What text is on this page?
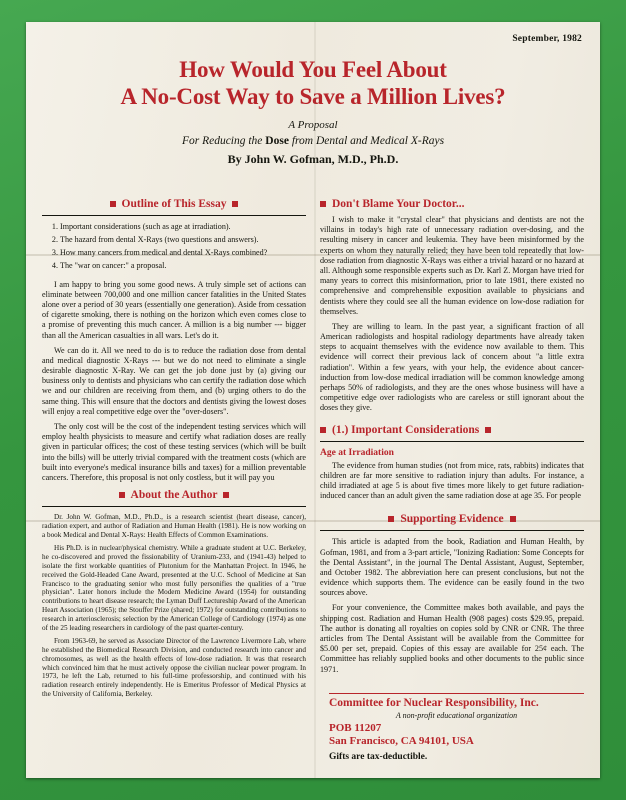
September, 1982
How Would You Feel About
A No-Cost Way to Save a Million Lives?
A Proposal
For Reducing the Dose from Dental and Medical X-Rays
By John W. Gofman, M.D., Ph.D.
Outline of This Essay
1. Important considerations (such as age at irradiation).
2. The hazard from dental X-Rays (two questions and answers).
3. How many cancers from medical and dental X-Rays combined?
4. The "war on cancer:" a proposal.

I am happy to bring you some good news. A truly simple set of actions can eliminate between 700,000 and one million cancer fatalities in the United States alone over a period of 30 years (essentially one generation). Aside from cessation of cigarette smoking, there is nothing on the horizon which even comes close to a promise of preventing this much cancer. A million is a big number --- bigger than all the American casualties in all wars. Let's do it.

We can do it. All we need to do is to reduce the radiation dose from dental and medical diagnostic X-Rays --- but we do not need to eliminate a single desirable diagnostic X-Ray. We can get the job done just by (a) giving our business only to dentists and physicians who can certify the radiation dose which we and our children are receiving from them, and (b) urging others to do the same thing. This will ensure that the doctors and dentists giving the lowest doses will enjoy a real competitive edge over the "over-dosers".

The only cost will be the cost of the independent testing services which will employ health physicists to measure and certify what radiation doses are really given in particular offices; the cost of these testing services (which will be built into the bills) will be utterly trivial compared with the treatment costs (which are built into everyone's medical insurance bills and taxes) for a million preventable cancers. Therefore, this proposal is not only costless, but it will pay you

About the Author

Dr. John W. Gofman, M.D., Ph.D., is a research scientist (heart disease, cancer), radiation expert, and author of Radiation and Human Health (1981). He is now working on a book Medical and Dental X-Rays: Health Effects of Common Examinations.

His Ph.D. is in nuclear/physical chemistry. While a graduate student at U.C. Berkeley, he co-discovered and proved the fissionability of Uranium-233, and (1941-43) helped to isolate the first workable quantities of Plutonium for the Manhattan Project. In 1946, he received the Gold-Headed Cane Award, presented at the U.C. School of Medicine at San Francisco to the graduating senior who most fully personifies the qualities of a "true physician". Later honors include the Modern Medicine Award (1954) for outstanding contributions to heart disease research; the Lyman Duff Lectureship Award of the American Heart Association (1965); the Stouffer Prize (shared; 1972) for outstanding contributions to research in arteriosclerosis; selection by the American College of Cardiology (1974) as one of the 25 leading researchers in cardiology of the past quarter-century.

From 1963-69, he served as Associate Director of the Lawrence Livermore Lab, where he established the Biomedical Research Division, and conducted research into cancer and chromosomes, as well as the health effects of low-dose radiation. It was that research which convinced him that he must actively oppose the civilian nuclear power program. In 1973, he left the Lab, returned to his full-time professorship, and continued with his radiation research entirely independently. He is Emeritus Professor of Medical Physics at the University of California, Berkeley.

Don't Blame Your Doctor...

I wish to make it "crystal clear" that physicians and dentists are not the villains in today's high rate of unnecessary radiation over-dosing, and the resulting misery in cancer and leukemia. They have been misinformed by the experts on whom they naturally relied; they have been told repeatedly that low-dose radiation from diagnostic X-Rays was either a trivial hazard or no hazard at all. Although some responsible experts such as Dr. Karl Z. Morgan have tried for many years to correct this misinformation, prior to late 1981, there existed no comprehensive and comprehensible exposition available to physicians and dentists where they could see all the human evidence on low-dose radiation for themselves.

They are willing to learn. In the past year, a significant fraction of all American radiologists and hospital radiology departments have already taken steps to acquaint themselves with the evidence now available to them. This evidence will correct their previous lack of concern about "a little extra radiation". Within a few years, with your help, the evidence about cancer-induction from low-dose medical irradiation will be common knowledge among perhaps 50% of radiologists, and they are the ones whose business will have a competitive edge over radiologists who are careless or still ignorant about the doses they give.

(1.) Important Considerations
Age at Irradiation

The evidence from human studies (not from mice, rats, rabbits) indicates that children are far more sensitive to radiation injury than adults. For instance, a child irradiated at age 5 is about five times more likely to get future radiation-induced cancer than an adult given the same radiation dose at age 35. For people

Supporting Evidence

This article is adapted from the book, Radiation and Human Health, by Gofman, 1981, and from a 3-part article, "Ionizing Radiation: Some Concepts for the Dental Assistant", in the journal The Dental Assistant, August, September, and October 1982. The abbreviation here can present conclusions, but not the evidence which supports them. The evidence can be easily found in the two sources above.

For your convenience, the Committee makes both available, and pays the shipping cost. Radiation and Human Health (908 pages) costs $29.95, prepaid. The author is donating all royalties on copies sold by CNR or CNR. The three articles from The Dental Assistant will be available from the Committee for $5.00 per set, prepaid. Copies of this essay are available for 25¢ each. The Committee has reliably supplied books and other documents to the public since 1971.

Committee for Nuclear Responsibility, Inc.
A non-profit educational organization
POB 11207
San Francisco, CA 94101, USA
Gifts are tax-deductible.
